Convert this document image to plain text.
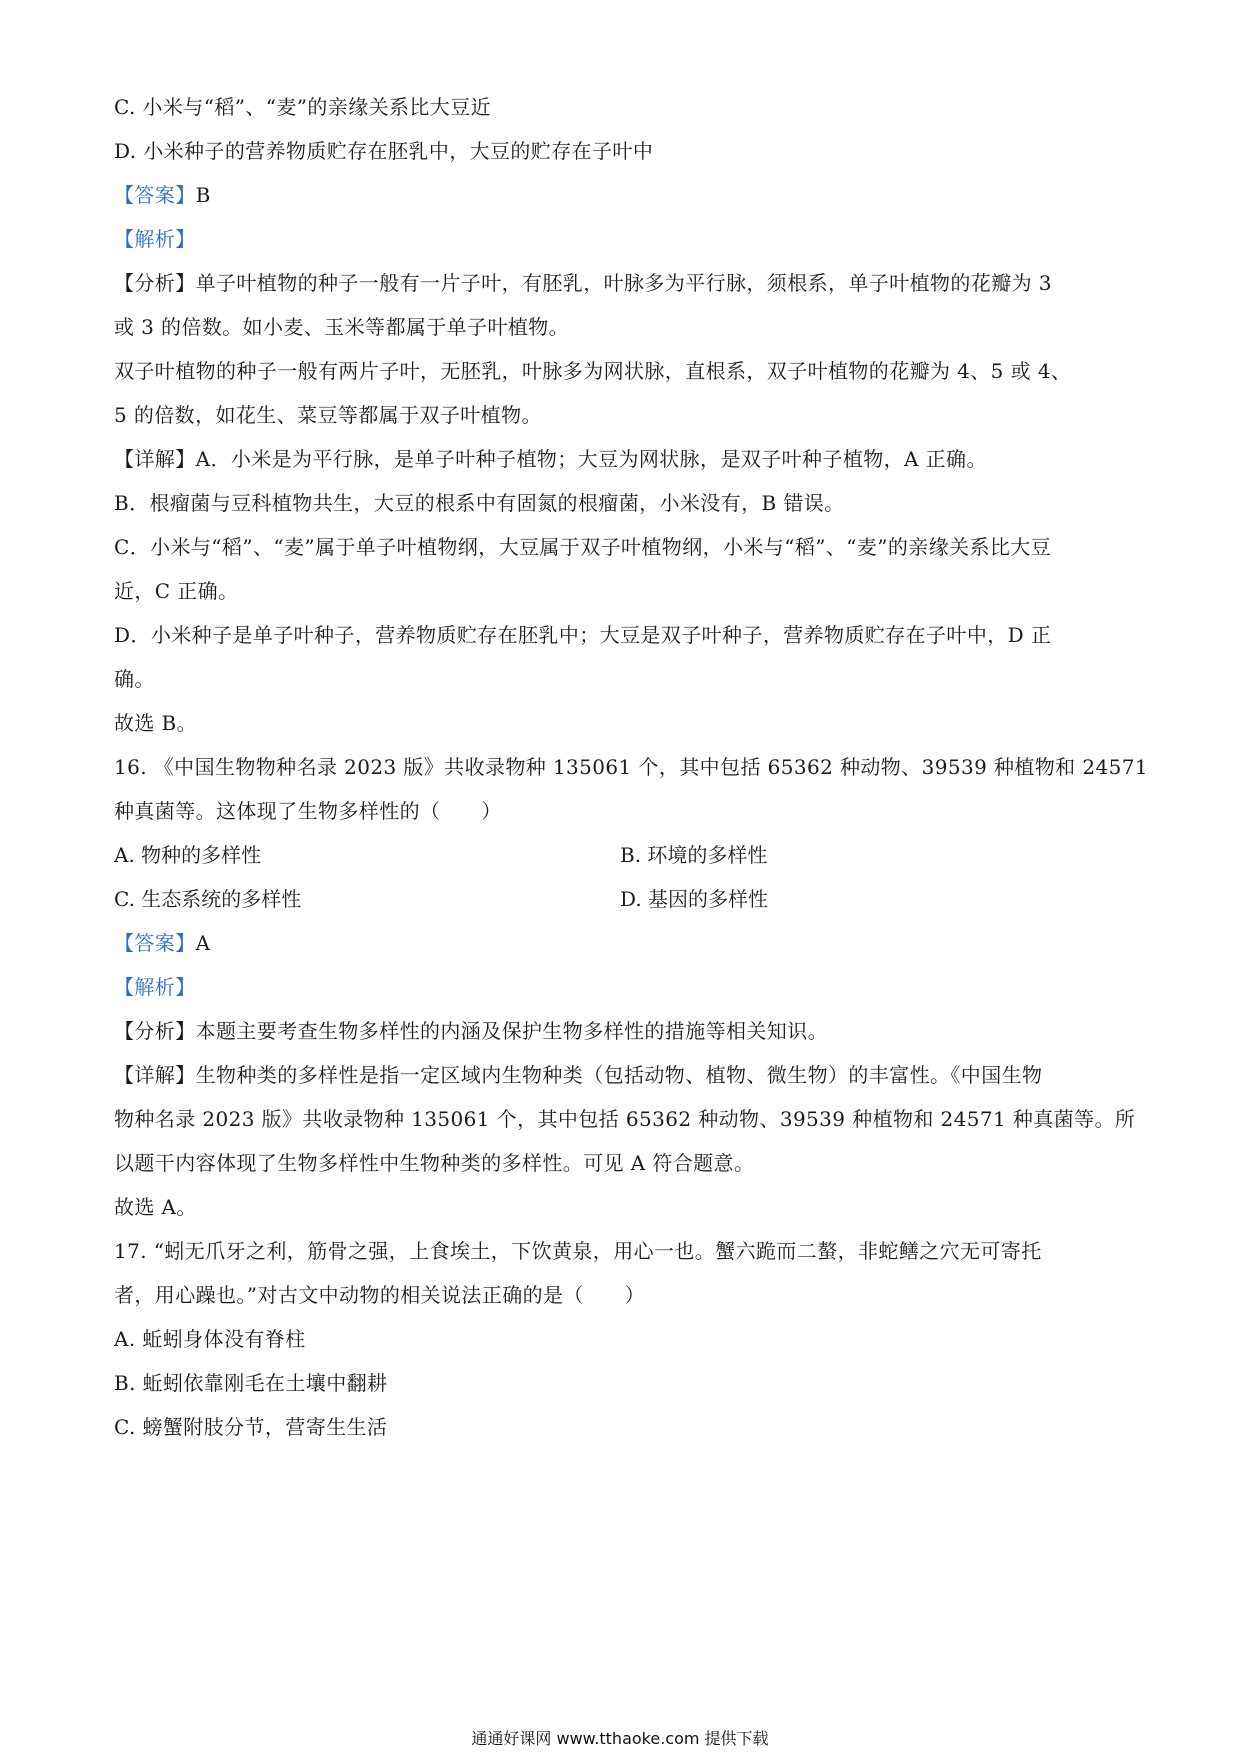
C. 小米与“稻”、“麦”的亲缘关系比大豆近
D. 小米种子的营养物质贮存在胚乳中，大豆的贮存在子叶中
【答案】B
【解析】
【分析】单子叶植物的种子一般有一片子叶，有胚乳，叶脉多为平行脉，须根系，单子叶植物的花瓣为 3
或 3 的倍数。如小麦、玉米等都属于单子叶植物。
双子叶植物的种子一般有两片子叶，无胚乳，叶脉多为网状脉，直根系，双子叶植物的花瓣为 4、5 或 4、
5 的倍数，如花生、菜豆等都属于双子叶植物。
【详解】A．小米是为平行脉，是单子叶种子植物；大豆为网状脉，是双子叶种子植物，A 正确。
B．根瘤菌与豆科植物共生，大豆的根系中有固氮的根瘤菌，小米没有，B 错误。
C．小米与“稻”、“麦”属于单子叶植物纲，大豆属于双子叶植物纲，小米与“稻”、“麦”的亲缘关系比大豆
近，C 正确。
D．小米种子是单子叶种子，营养物质贮存在胚乳中；大豆是双子叶种子，营养物质贮存在子叶中，D 正
确。
故选 B。
16. 《中国生物物种名录 2023 版》共收录物种 135061 个，其中包括 65362 种动物、39539 种植物和 24571
种真菌等。这体现了生物多样性的（　　）
A. 物种的多样性	B. 环境的多样性
C. 生态系统的多样性	D. 基因的多样性
【答案】A
【解析】
【分析】本题主要考查生物多样性的内涵及保护生物多样性的措施等相关知识。
【详解】生物种类的多样性是指一定区域内生物种类（包括动物、植物、微生物）的丰富性。《中国生物
物种名录 2023 版》共收录物种 135061 个，其中包括 65362 种动物、39539 种植物和 24571 种真菌等。所
以题干内容体现了生物多样性中生物种类的多样性。可见 A 符合题意。
故选 A。
17. “蚓无爪牙之利，筋骨之强，上食埃土，下饮黄泉，用心一也。蟹六跪而二螯，非蛇鳝之穴无可寄托
者，用心躁也。”对古文中动物的相关说法正确的是（　　）
A. 蚯蚓身体没有脊柱
B. 蚯蚓依靠刚毛在土壤中翻耕
C. 螃蟹附肢分节，营寄生生活
通通好课网 www.tthaoke.com 提供下载
